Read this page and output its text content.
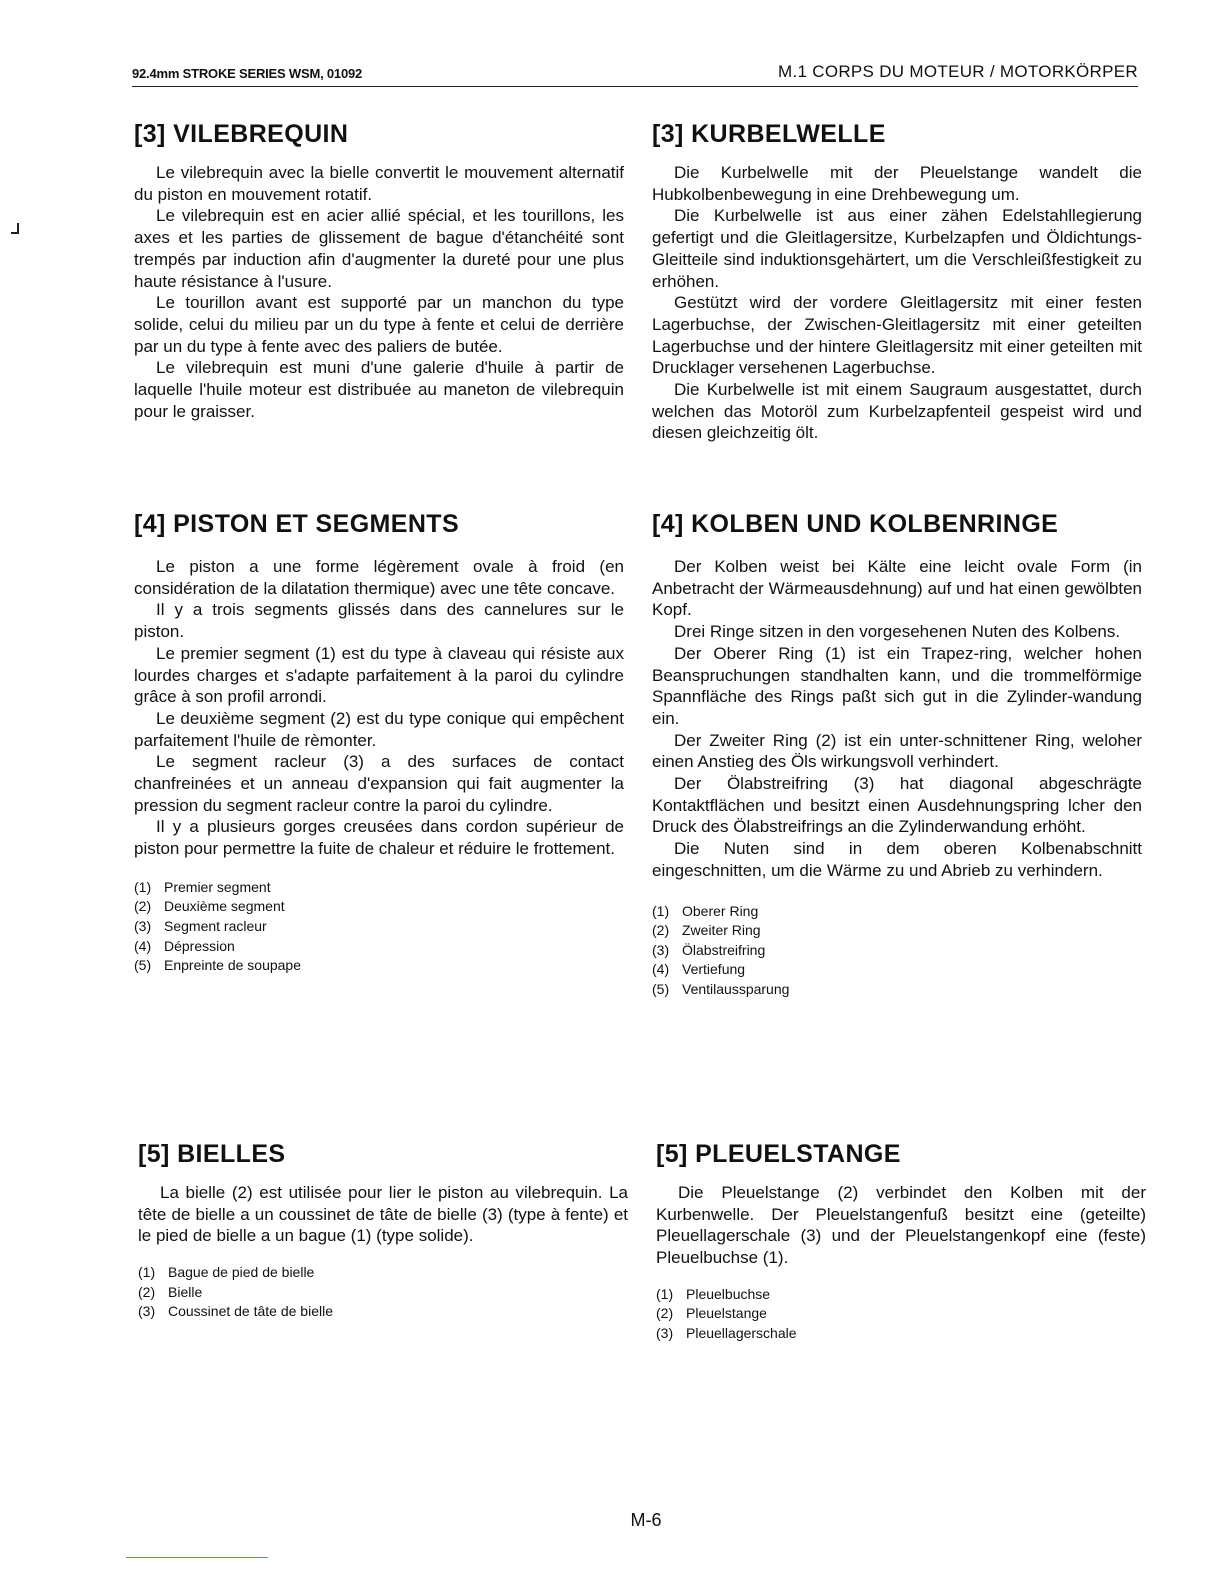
92.4mm STROKE SERIES WSM, 01092	M.1 CORPS DU MOTEUR / MOTORKÖRPER
[3] VILEBREQUIN

Le vilebrequin avec la bielle convertit le mouvement alternatif du piston en mouvement rotatif.

Le vilebrequin est en acier allié spécial, et les tourillons, les axes et les parties de glissement de bague d'étanchéité sont trempés par induction afin d'augmenter la dureté pour une plus haute résistance à l'usure.

Le tourillon avant est supporté par un manchon du type solide, celui du milieu par un du type à fente et celui de derrière par un du type à fente avec des paliers de butée.

Le vilebrequin est muni d'une galerie d'huile à partir de laquelle l'huile moteur est distribuée au maneton de vilebrequin pour le graisser.

[3] KURBELWELLE

Die Kurbelwelle mit der Pleuelstange wandelt die Hubkolbenbewegung in eine Drehbewegung um.

Die Kurbelwelle ist aus einer zähen Edelstahllegierung gefertigt und die Gleitlagersitze, Kurbelzapfen und Öldichtungs-Gleitteile sind induktionsgehärtert, um die Verschleißfestigkeit zu erhöhen.

Gestützt wird der vordere Gleitlagersitz mit einer festen Lagerbuchse, der Zwischen-Gleitlagersitz mit einer geteilten Lagerbuchse und der hintere Gleitlagersitz mit einer geteilten mit Drucklager versehenen Lagerbuchse.

Die Kurbelwelle ist mit einem Saugraum ausgestattet, durch welchen das Motoröl zum Kurbelzapfenteil gespeist wird und diesen gleichzeitig ölt.

[4] PISTON ET SEGMENTS

Le piston a une forme légèrement ovale à froid (en considération de la dilatation thermique) avec une tête concave.

Il y a trois segments glissés dans des cannelures sur le piston.

Le premier segment (1) est du type à claveau qui résiste aux lourdes charges et s'adapte parfaitement à la paroi du cylindre grâce à son profil arrondi.

Le deuxième segment (2) est du type conique qui empêchent parfaitement l'huile de rèmonter.

Le segment racleur (3) a des surfaces de contact chanfreinées et un anneau d'expansion qui fait augmenter la pression du segment racleur contre la paroi du cylindre.

Il y a plusieurs gorges creusées dans cordon supérieur de piston pour permettre la fuite de chaleur et réduire le frottement.

(1) Premier segment
(2) Deuxième segment
(3) Segment racleur
(4) Dépression
(5) Enpreinte de soupape
[4] KOLBEN UND KOLBENRINGE

Der Kolben weist bei Kälte eine leicht ovale Form (in Anbetracht der Wärmeausdehnung) auf und hat einen gewölbten Kopf.

Drei Ringe sitzen in den vorgesehenen Nuten des Kolbens.

Der Oberer Ring (1) ist ein Trapez-ring, welcher hohen Beanspruchungen standhalten kann, und die trommelförmige Spannfläche des Rings paßt sich gut in die Zylinder-wandung ein.

Der Zweiter Ring (2) ist ein unter-schnittener Ring, weloher einen Anstieg des Öls wirkungsvoll verhindert.

Der Ölabstreifring (3) hat diagonal abgeschrägte Kontaktflächen und besitzt einen Ausdehnungspring lcher den Druck des Ölabstreifrings an die Zylinderwandung erhöht.

Die Nuten sind in dem oberen Kolbenabschnitt eingeschnitten, um die Wärme zu und Abrieb zu verhindern.

(1) Oberer Ring
(2) Zweiter Ring
(3) Ölabstreifring
(4) Vertiefung
(5) Ventilaussparung
[5] BIELLES

La bielle (2) est utilisée pour lier le piston au vilebrequin. La tête de bielle a un coussinet de tâte de bielle (3) (type à fente) et le pied de bielle a un bague (1) (type solide).

(1) Bague de pied de bielle
(2) Bielle
(3) Coussinet de tâte de bielle
[5] PLEUELSTANGE

Die Pleuelstange (2) verbindet den Kolben mit der Kurbenwelle. Der Pleuelstangenfuß besitzt eine (geteilte) Pleuellagerschale (3) und der Pleuelstangenkopf eine (feste) Pleuelbuchse (1).

(1) Pleuelbuchse
(2) Pleuelstange
(3) Pleuellagerschale
M-6
